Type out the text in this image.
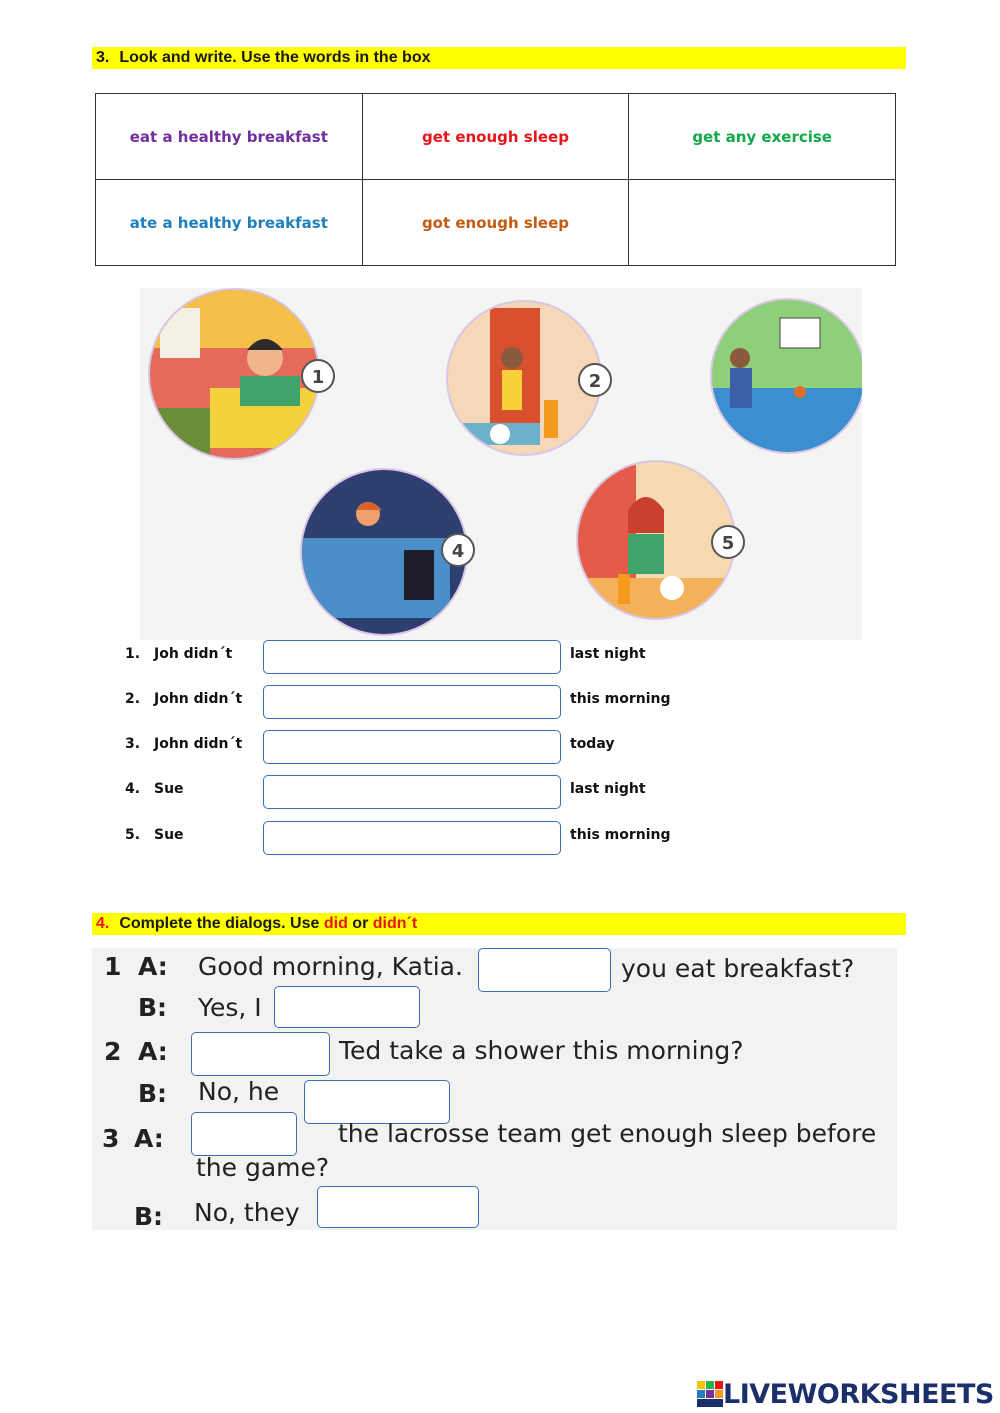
3. Look and write. Use the words in the box
eat a healthy breakfast	get enough sleep	get any exercise
ate a healthy breakfast	got enough sleep	
1	2
4	5
1. Joh didn´t	last night
2. John didn´t	this morning
3. John didn´t	today
4. Sue	last night
5. Sue	this morning
4. Complete the dialogs. Use did or didn´t
1 A: Good morning, Katia.	you eat breakfast?
B: Yes, I
2 A:	Ted take a shower this morning?
B: No, he
3 A:	the lacrosse team get enough sleep before
the game?
B: No, they
LIVEWORKSHEETS
